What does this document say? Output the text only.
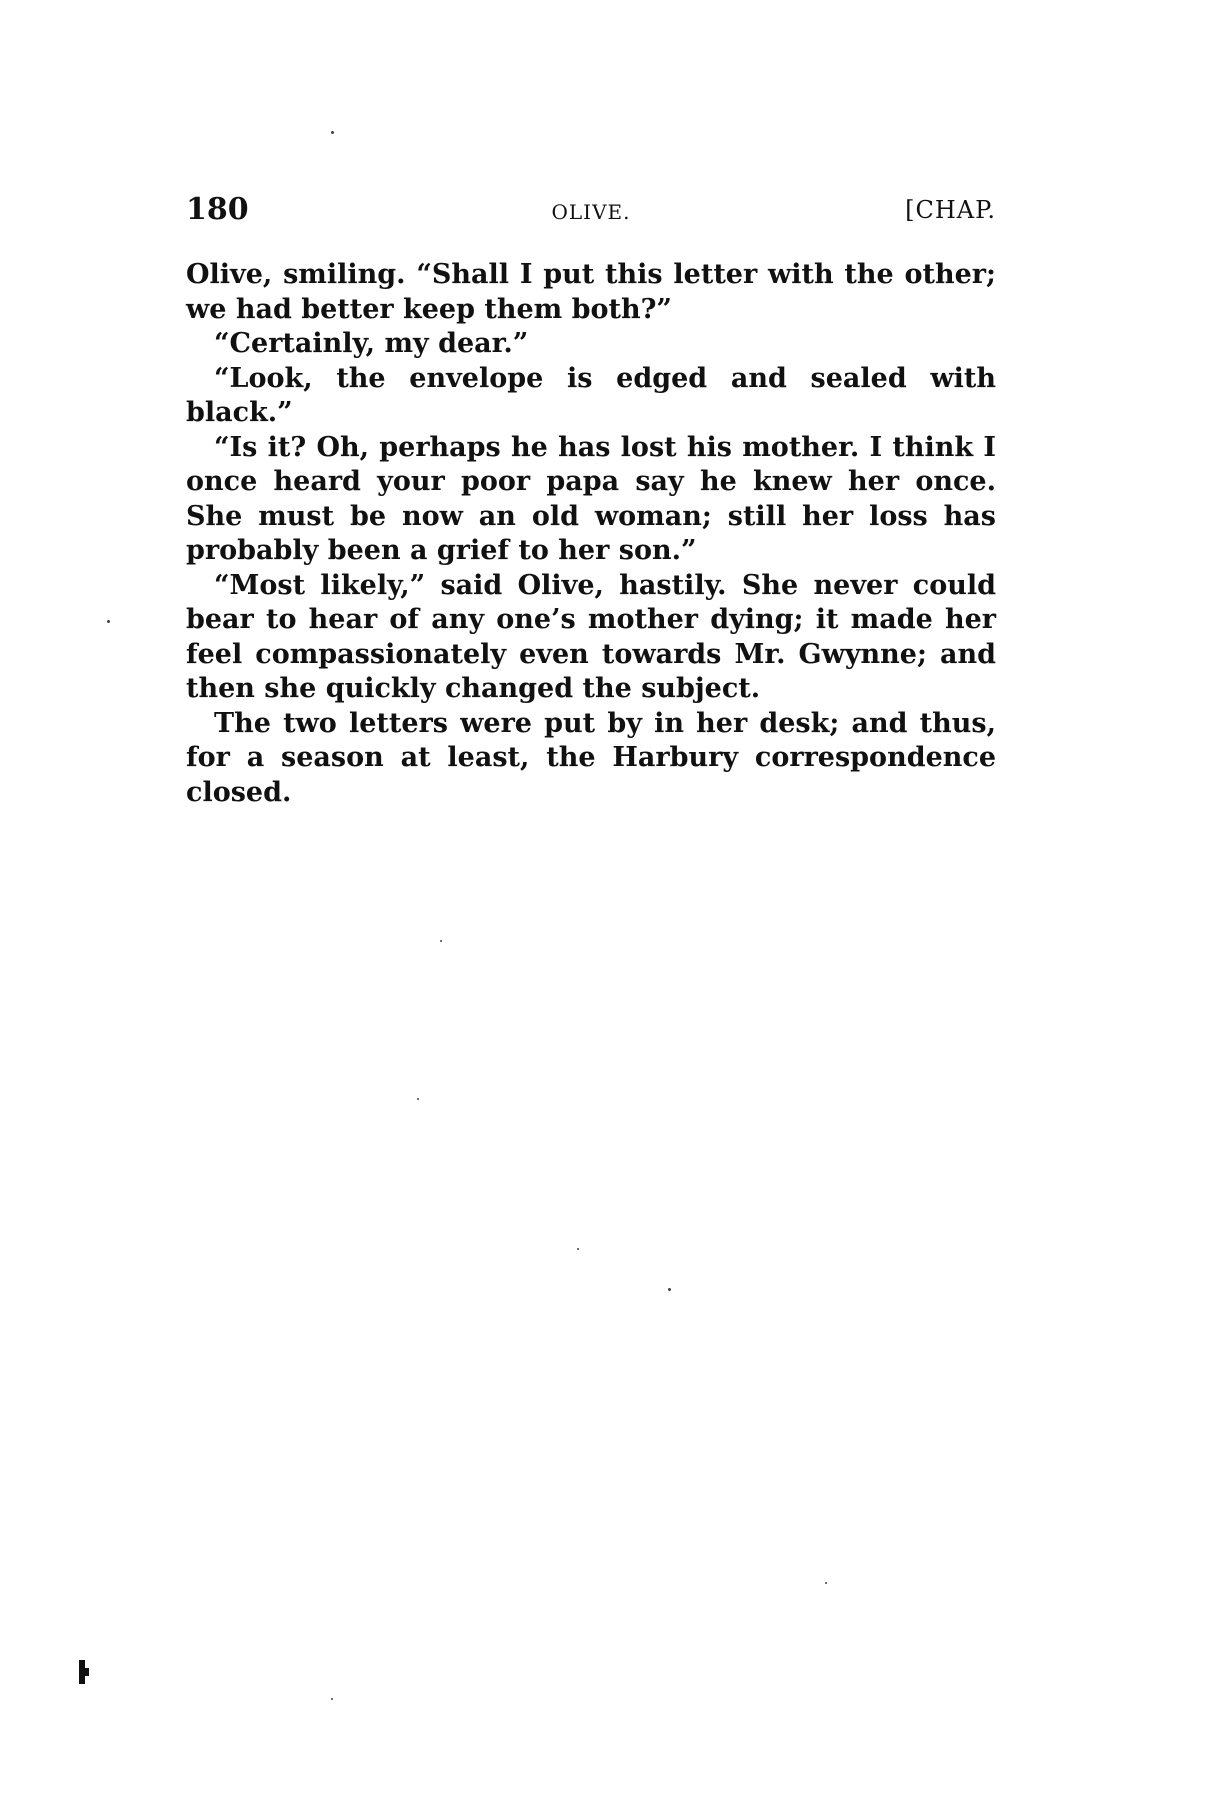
180	OLIVE.	[CHAP.

Olive, smiling. “Shall I put this letter with the other; we had better keep them both?”

“Certainly, my dear.”

“Look, the envelope is edged and sealed with black.”

“Is it? Oh, perhaps he has lost his mother. I think I once heard your poor papa say he knew her once. She must be now an old woman; still her loss has probably been a grief to her son.”

“Most likely,” said Olive, hastily. She never could bear to hear of any one’s mother dying; it made her feel compassionately even towards Mr. Gwynne; and then she quickly changed the subject.

The two letters were put by in her desk; and thus, for a season at least, the Harbury correspondence closed.
